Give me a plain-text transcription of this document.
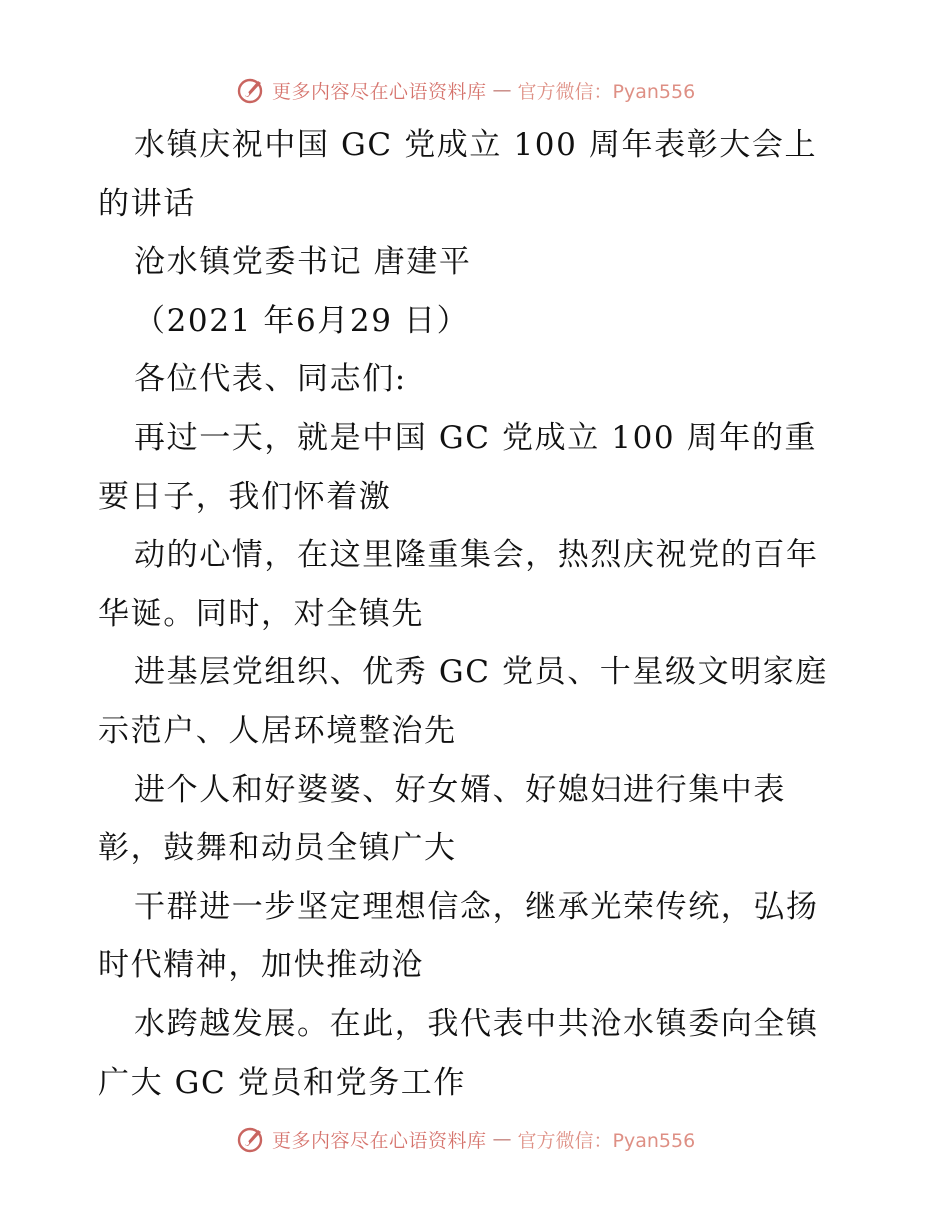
更多内容尽在心语资料库 — 官方微信：Pyan556
水镇庆祝中国 GC 党成立 100 周年表彰大会上
的讲话
沧水镇党委书记 唐建平
（2021 年6月29 日）
各位代表、同志们:
再过一天，就是中国 GC 党成立 100 周年的重
要日子，我们怀着激
动的心情，在这里隆重集会，热烈庆祝党的百年
华诞。同时，对全镇先
进基层党组织、优秀 GC 党员、十星级文明家庭
示范户、人居环境整治先
进个人和好婆婆、好女婿、好媳妇进行集中表
彰，鼓舞和动员全镇广大
干群进一步坚定理想信念，继承光荣传统，弘扬
时代精神，加快推动沧
水跨越发展。在此，我代表中共沧水镇委向全镇
广大 GC 党员和党务工作
更多内容尽在心语资料库 — 官方微信：Pyan556
